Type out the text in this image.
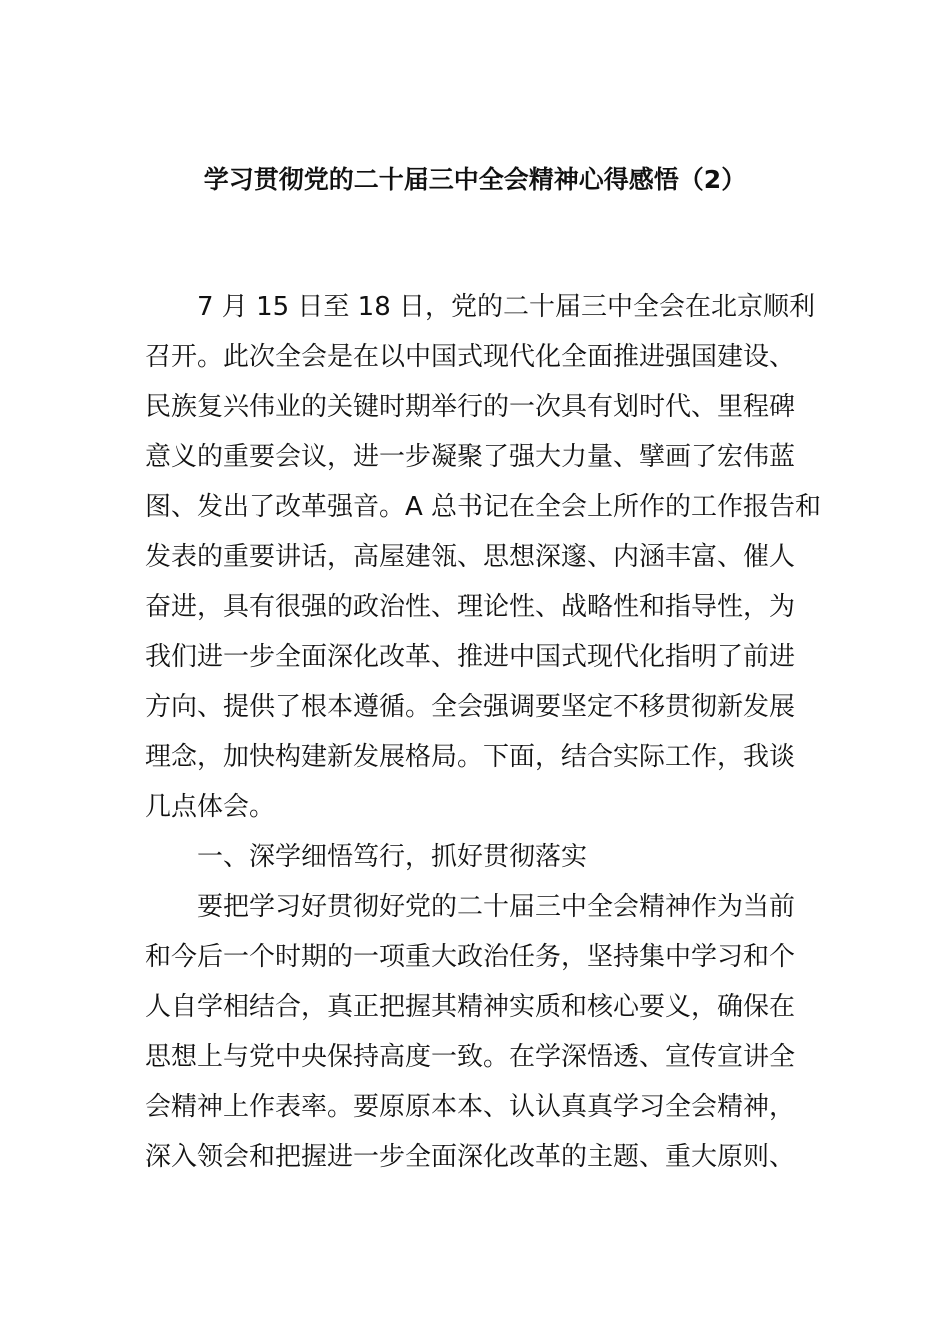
学习贯彻党的二十届三中全会精神心得感悟（2）
7 月 15 日至 18 日，党的二十届三中全会在北京顺利
召开。此次全会是在以中国式现代化全面推进强国建设、
民族复兴伟业的关键时期举行的一次具有划时代、里程碑
意义的重要会议，进一步凝聚了强大力量、擘画了宏伟蓝
图、发出了改革强音。A 总书记在全会上所作的工作报告和
发表的重要讲话，高屋建瓴、思想深邃、内涵丰富、催人
奋进，具有很强的政治性、理论性、战略性和指导性，为
我们进一步全面深化改革、推进中国式现代化指明了前进
方向、提供了根本遵循。全会强调要坚定不移贯彻新发展
理念，加快构建新发展格局。下面，结合实际工作，我谈
几点体会。
一、深学细悟笃行，抓好贯彻落实
要把学习好贯彻好党的二十届三中全会精神作为当前
和今后一个时期的一项重大政治任务，坚持集中学习和个
人自学相结合，真正把握其精神实质和核心要义，确保在
思想上与党中央保持高度一致。在学深悟透、宣传宣讲全
会精神上作表率。要原原本本、认认真真学习全会精神，
深入领会和把握进一步全面深化改革的主题、重大原则、
